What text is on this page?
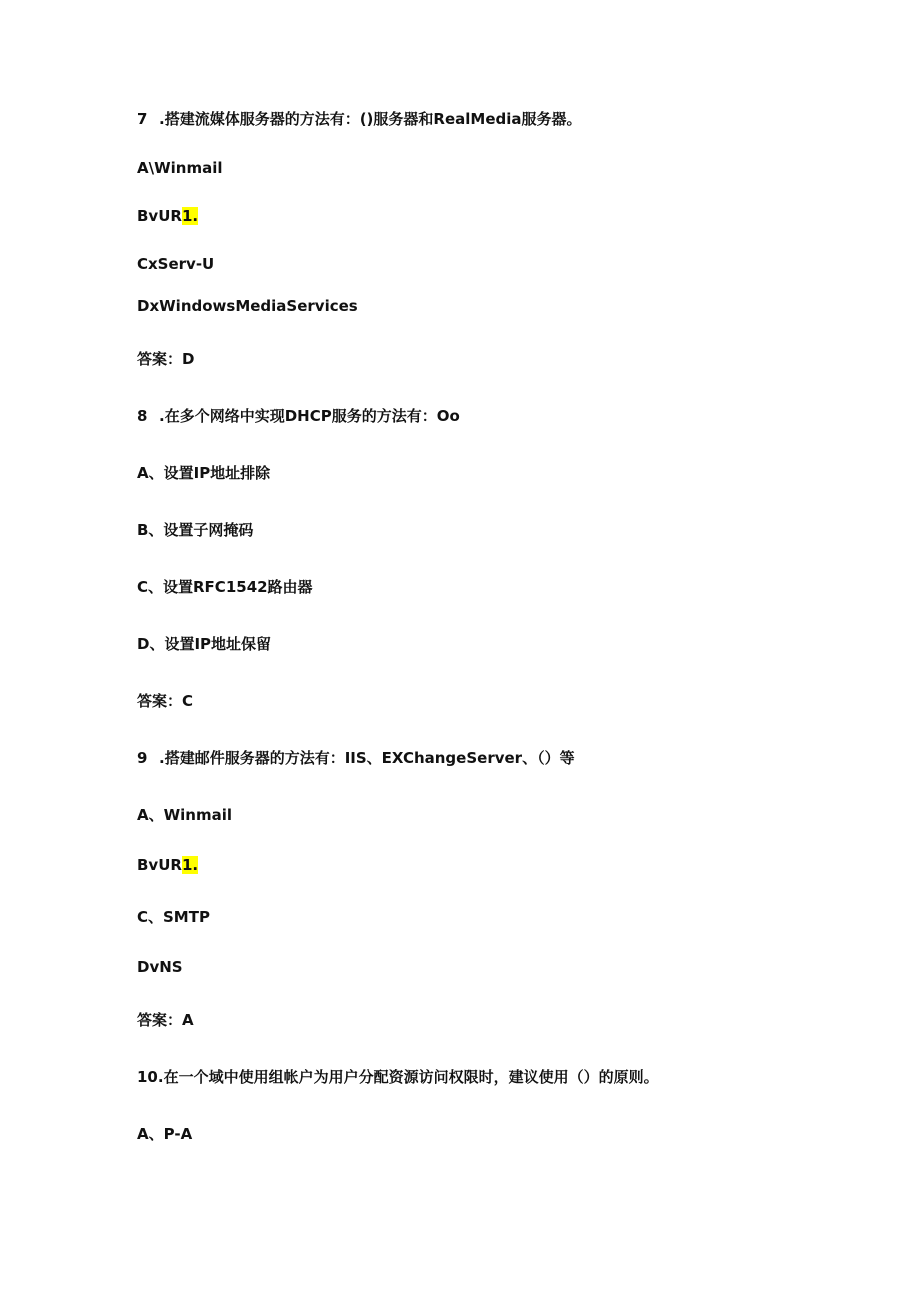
7 .搭建流媒体服务器的方法有：()服务器和RealMedia服务器。
A\Winmail
BvUR1.
CxServ-U
DxWindowsMediaServices
答案：D
8 .在多个网络中实现DHCP服务的方法有：Oo
A、设置IP地址排除
B、设置子网掩码
C、设置RFC1542路由器
D、设置IP地址保留
答案：C
9 .搭建邮件服务器的方法有：IIS、EXChangeServer、（）等
A、Winmail
BvUR1.
C、SMTP
DvNS
答案：A
10.在一个域中使用组帐户为用户分配资源访问权限时，建议使用（）的原则。
A、P-A
